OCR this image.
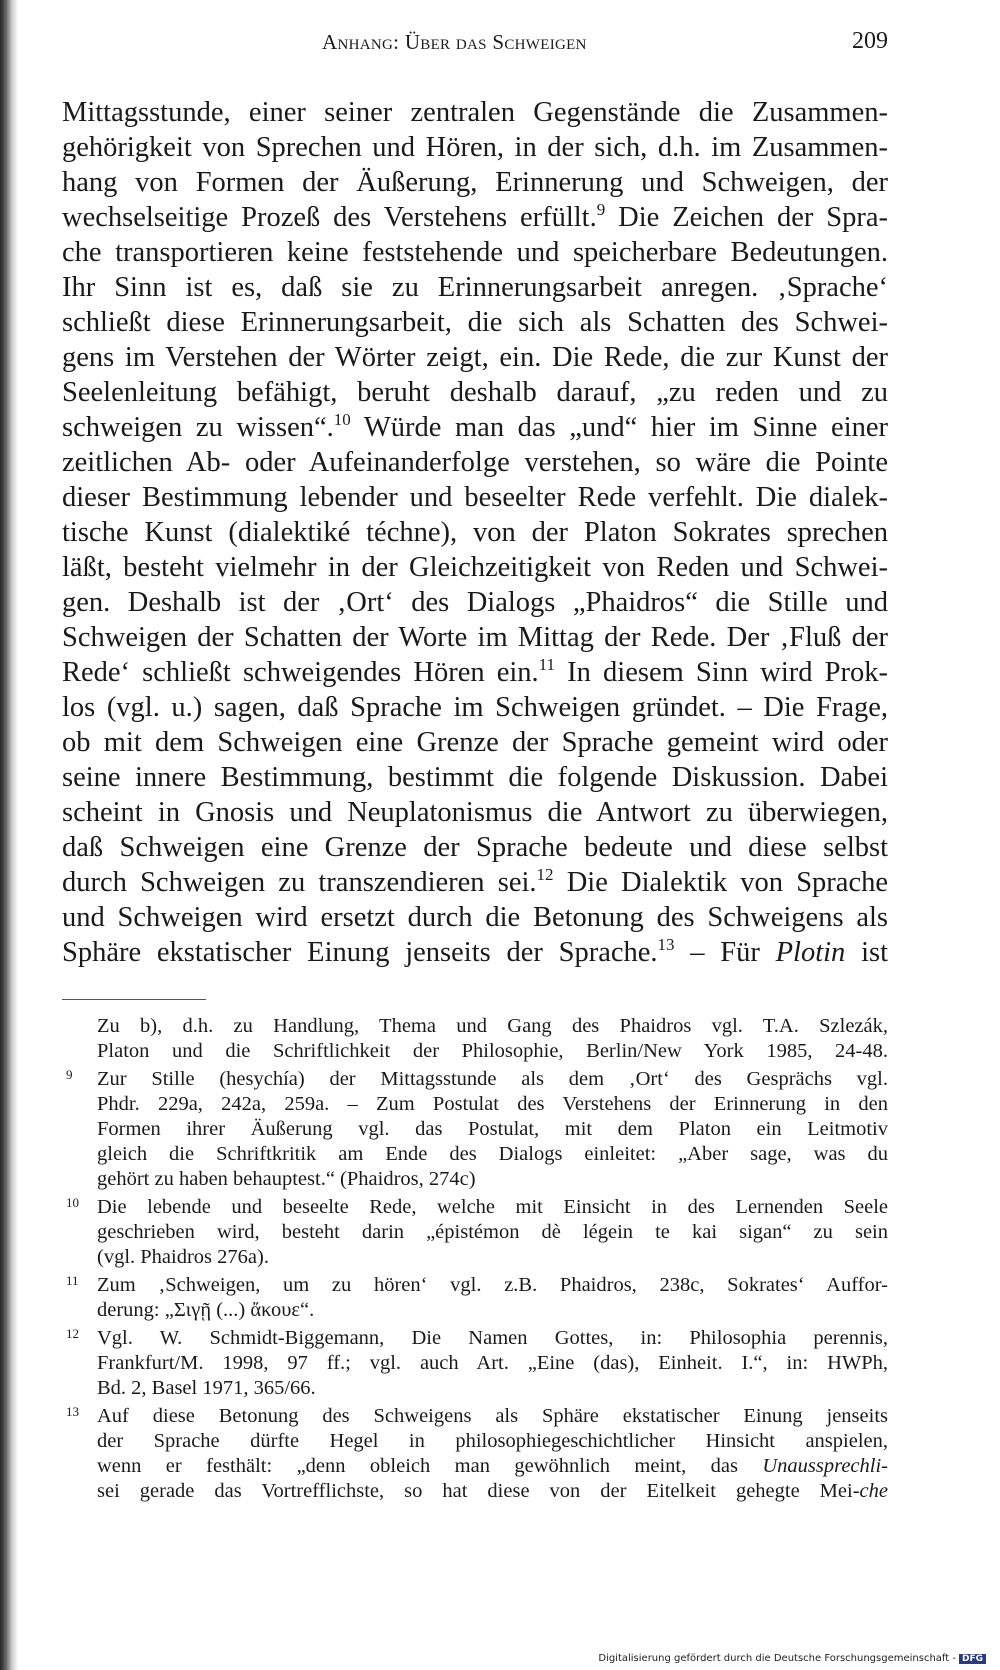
Anhang: Über das Schweigen	209
Mittagsstunde, einer seiner zentralen Gegenstände die Zusammen-
gehörigkeit von Sprechen und Hören, in der sich, d.h. im Zusammen-
hang von Formen der Äußerung, Erinnerung und Schweigen, der
wechselseitige Prozeß des Verstehens erfüllt.$^9$ Die Zeichen der Spra-
che transportieren keine feststehende und speicherbare Bedeutungen.
Ihr Sinn ist es, daß sie zu Erinnerungsarbeit anregen. ‚Sprache‘
schließt diese Erinnerungsarbeit, die sich als Schatten des Schwei-
gens im Verstehen der Wörter zeigt, ein. Die Rede, die zur Kunst der
Seelenleitung befähigt, beruht deshalb darauf, „zu reden und zu
schweigen zu wissen“.$^{10}$ Würde man das „und“ hier im Sinne einer
zeitlichen Ab- oder Aufeinanderfolge verstehen, so wäre die Pointe
dieser Bestimmung lebender und beseelter Rede verfehlt. Die dialek-
tische Kunst (dialektiké téchne), von der Platon Sokrates sprechen
läßt, besteht vielmehr in der Gleichzeitigkeit von Reden und Schwei-
gen. Deshalb ist der ‚Ort‘ des Dialogs „Phaidros“ die Stille und
Schweigen der Schatten der Worte im Mittag der Rede. Der ‚Fluß der
Rede‘ schließt schweigendes Hören ein.$^{11}$ In diesem Sinn wird Prok-
los (vgl. u.) sagen, daß Sprache im Schweigen gründet. – Die Frage,
ob mit dem Schweigen eine Grenze der Sprache gemeint wird oder
seine innere Bestimmung, bestimmt die folgende Diskussion. Dabei
scheint in Gnosis und Neuplatonismus die Antwort zu überwiegen,
daß Schweigen eine Grenze der Sprache bedeute und diese selbst
durch Schweigen zu transzendieren sei.$^{12}$ Die Dialektik von Sprache
und Schweigen wird ersetzt durch die Betonung des Schweigens als
Sphäre ekstatischer Einung jenseits der Sprache.$^{13}$ – Für Plotin ist
Zu b), d.h. zu Handlung, Thema und Gang des Phaidros vgl. T.A. Szlezák,
Platon und die Schriftlichkeit der Philosophie, Berlin/New York 1985, 24-48.
9 Zur Stille (hesychía) der Mittagsstunde als dem ‚Ort‘ des Gesprächs vgl.
Phdr. 229a, 242a, 259a. – Zum Postulat des Verstehens der Erinnerung in den
Formen ihrer Äußerung vgl. das Postulat, mit dem Platon ein Leitmotiv
gleich die Schriftkritik am Ende des Dialogs einleitet: „Aber sage, was du
gehört zu haben behauptest.“ (Phaidros, 274c)
10 Die lebende und beseelte Rede, welche mit Einsicht in des Lernenden Seele
geschrieben wird, besteht darin „épistémon dè légein te kai sigan“ zu sein
(vgl. Phaidros 276a).
11 Zum ‚Schweigen, um zu hören‘ vgl. z.B. Phaidros, 238c, Sokrates‘ Auffor-
derung: „Σιγῇ (...) ἄκουε“.
12 Vgl. W. Schmidt-Biggemann, Die Namen Gottes, in: Philosophia perennis,
Frankfurt/M. 1998, 97 ff.; vgl. auch Art. „Eine (das), Einheit. I.“, in: HWPh,
Bd. 2, Basel 1971, 365/66.
13 Auf diese Betonung des Schweigens als Sphäre ekstatischer Einung jenseits
der Sprache dürfte Hegel in philosophiegeschichtlicher Hinsicht anspielen,
wenn er festhält: „denn obleich man gewöhnlich meint, das Unaussprechli-
sei gerade das Vortrefflichste, so hat diese von der Eitelkeit gehegte Mei-che
Digitalisierung gefördert durch die Deutsche Forschungsgemeinschaft - DFG
